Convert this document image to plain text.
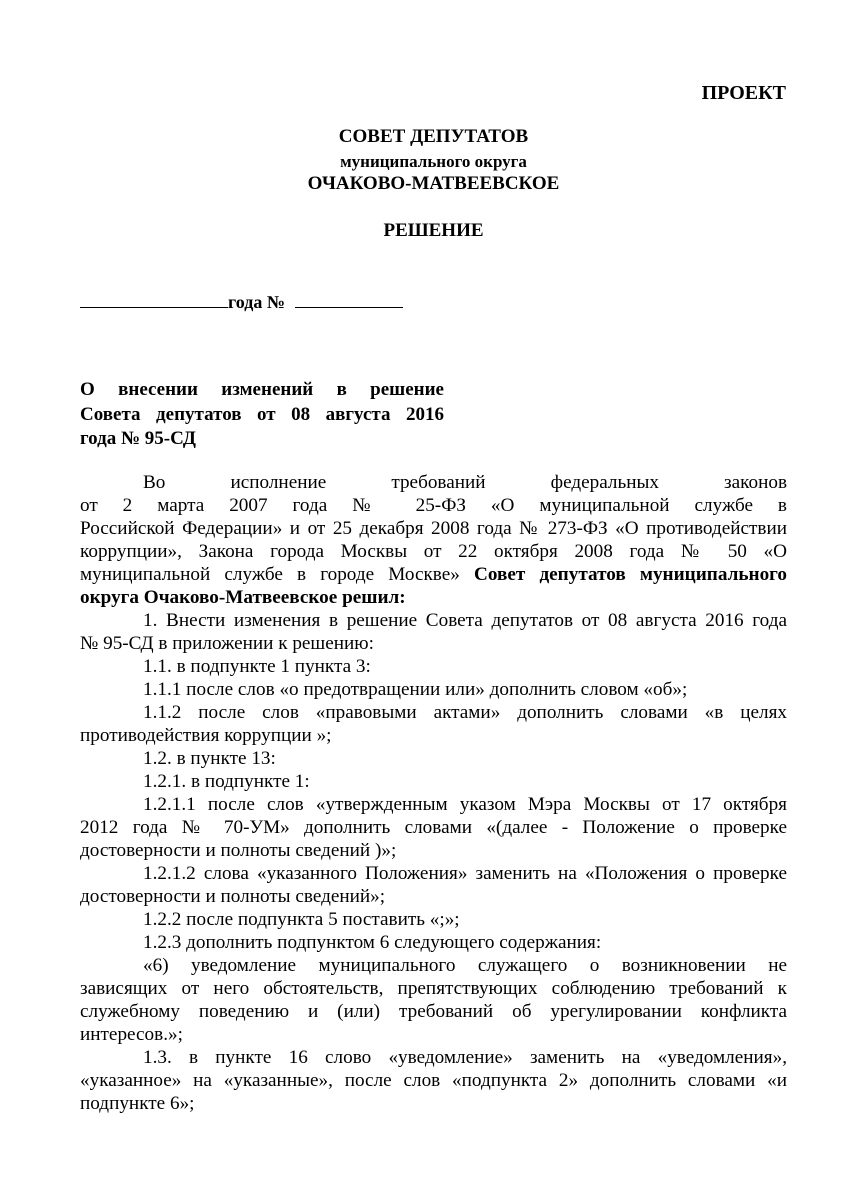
ПРОЕКТ
СОВЕТ ДЕПУТАТОВ
муниципального округа
ОЧАКОВО-МАТВЕЕВСКОЕ
РЕШЕНИЕ
года №
О внесении изменений в решение
Совета депутатов от 08 августа 2016
года № 95-СД
Во исполнение требований федеральных законов
от 2 марта 2007 года № 25-ФЗ «О муниципальной службе в
Российской Федерации» и от 25 декабря 2008 года № 273-ФЗ «О противодействии
коррупции», Закона города Москвы от 22 октября 2008 года № 50 «О
муниципальной службе в городе Москве» Совет депутатов муниципального
округа Очаково-Матвеевское решил:
1. Внести изменения в решение Совета депутатов от 08 августа 2016 года
№ 95-СД в приложении к решению:
1.1. в подпункте 1 пункта 3:
1.1.1 после слов «о предотвращении или» дополнить словом «об»;
1.1.2 после слов «правовыми актами» дополнить словами «в целях
противодействия коррупции »;
1.2. в пункте 13:
1.2.1. в подпункте 1:
1.2.1.1 после слов «утвержденным указом Мэра Москвы от 17 октября
2012 года № 70-УМ» дополнить словами «(далее - Положение о проверке
достоверности и полноты сведений )»;
1.2.1.2 слова «указанного Положения» заменить на «Положения о проверке
достоверности и полноты сведений»;
1.2.2 после подпункта 5 поставить «;»;
1.2.3 дополнить подпунктом 6 следующего содержания:
«6) уведомление муниципального служащего о возникновении не
зависящих от него обстоятельств, препятствующих соблюдению требований к
служебному поведению и (или) требований об урегулировании конфликта
интересов.»;
1.3. в пункте 16 слово «уведомление» заменить на «уведомления»,
«указанное» на «указанные», после слов «подпункта 2» дополнить словами «и
подпункте 6»;
